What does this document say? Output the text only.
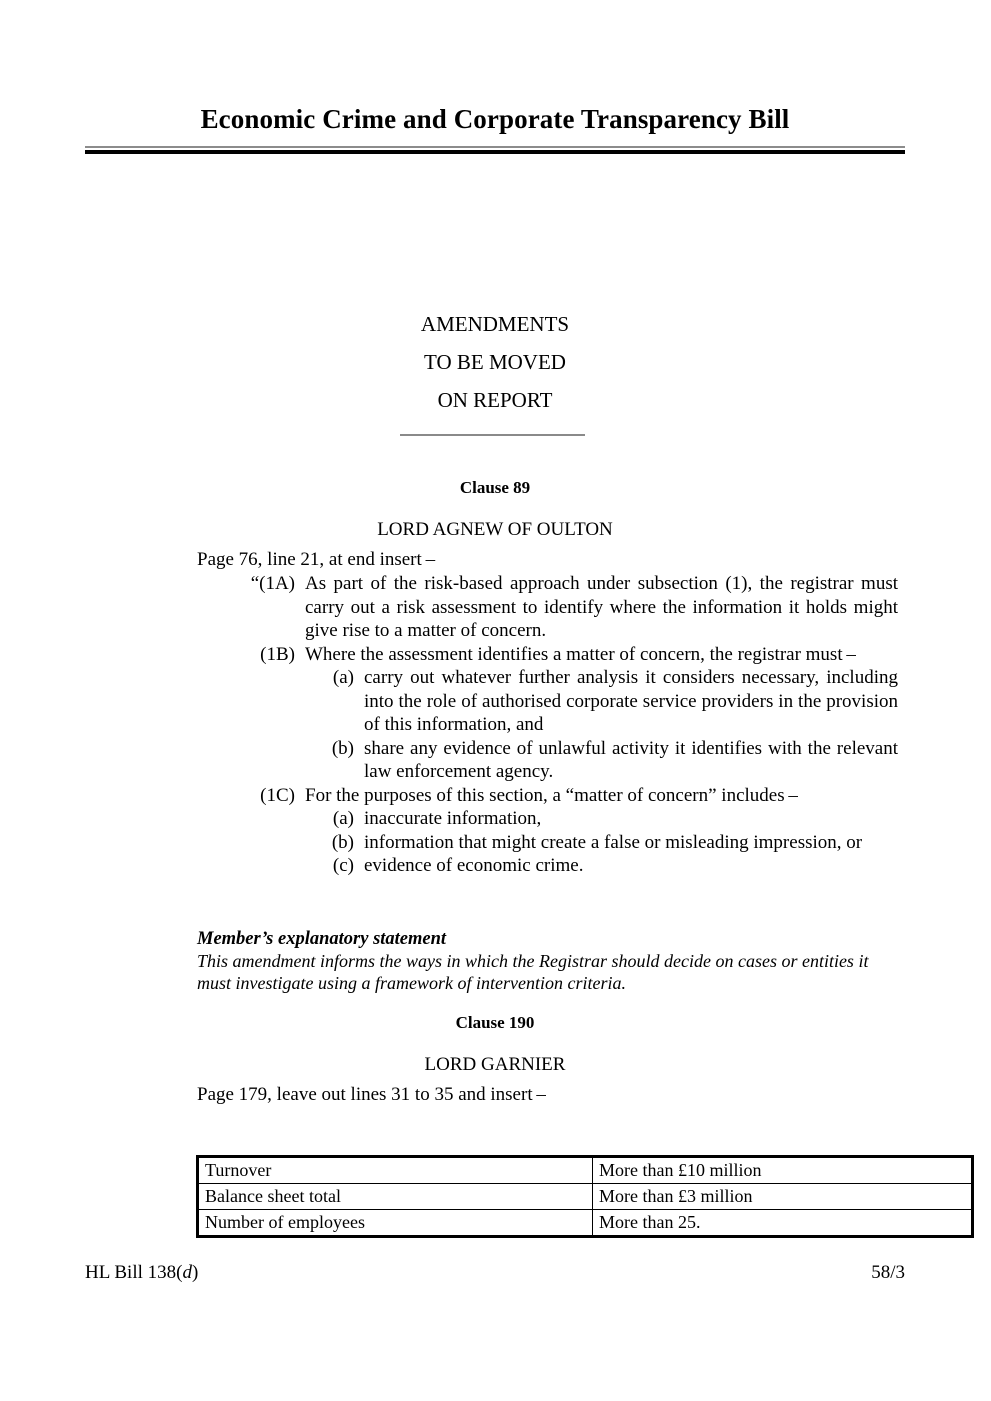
Economic Crime and Corporate Transparency Bill
AMENDMENTS
TO BE MOVED
ON REPORT
Clause 89
LORD AGNEW OF OULTON
Page 76, line 21, at end insert –
“(1A) As part of the risk-based approach under subsection (1), the registrar must carry out a risk assessment to identify where the information it holds might give rise to a matter of concern.
(1B) Where the assessment identifies a matter of concern, the registrar must –
(a) carry out whatever further analysis it considers necessary, including into the role of authorised corporate service providers in the provision of this information, and
(b) share any evidence of unlawful activity it identifies with the relevant law enforcement agency.
(1C) For the purposes of this section, a “matter of concern” includes –
(a) inaccurate information,
(b) information that might create a false or misleading impression, or
(c) evidence of economic crime.
Member’s explanatory statement
This amendment informs the ways in which the Registrar should decide on cases or entities it must investigate using a framework of intervention criteria.
Clause 190
LORD GARNIER
Page 179, leave out lines 31 to 35 and insert –
Turnover	More than £10 million
Balance sheet total	More than £3 million
Number of employees	More than 25.
HL Bill 138(d)	58/3
